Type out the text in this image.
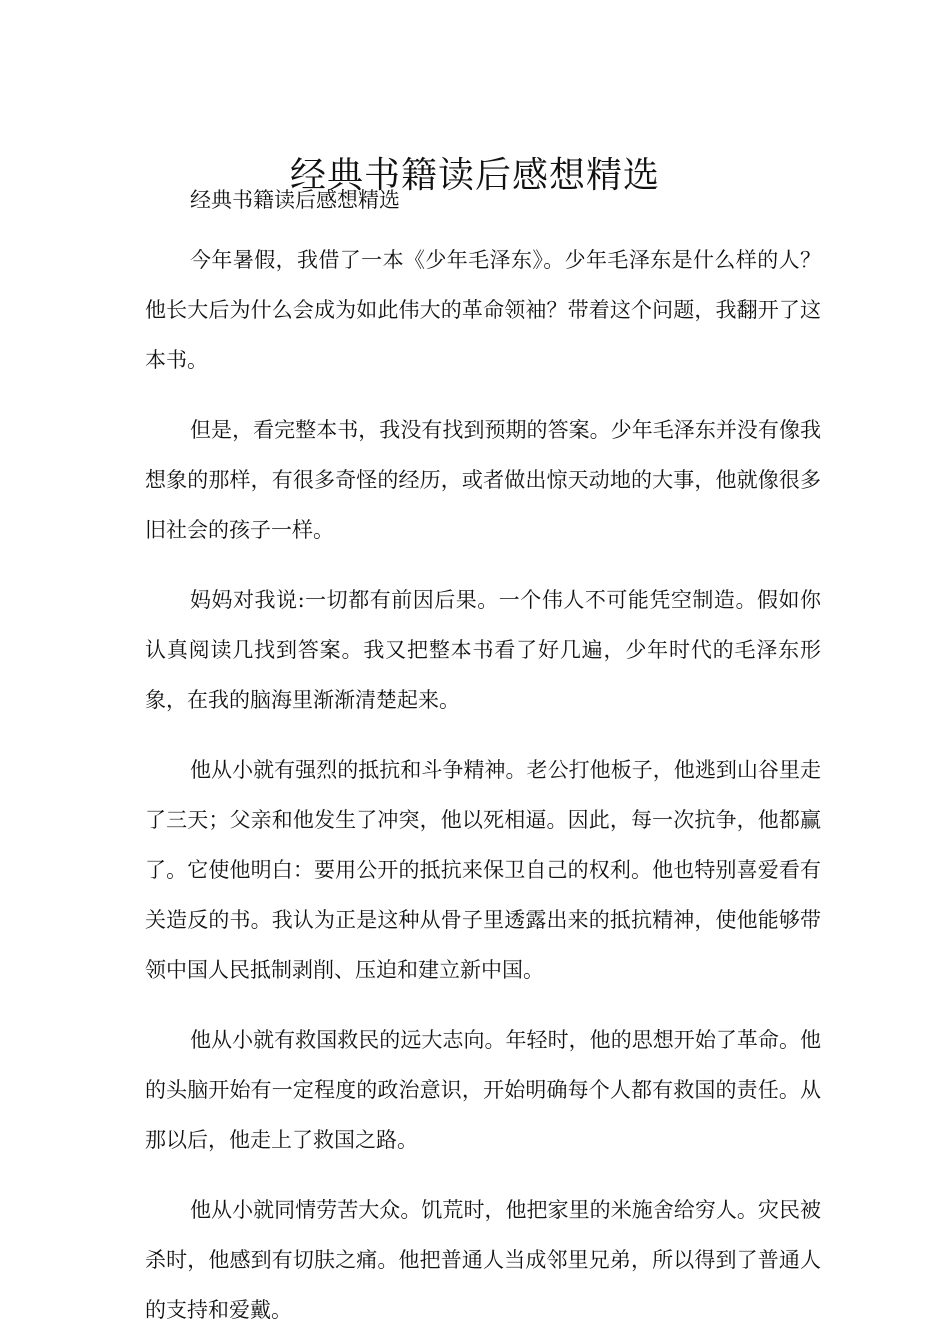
经典书籍读后感想精选

经典书籍读后感想精选

今年暑假，我借了一本《少年毛泽东》。少年毛泽东是什么样的人？他长大后为什么会成为如此伟大的革命领袖？带着这个问题，我翻开了这本书。

但是，看完整本书，我没有找到预期的答案。少年毛泽东并没有像我想象的那样，有很多奇怪的经历，或者做出惊天动地的大事，他就像很多旧社会的孩子一样。

妈妈对我说:一切都有前因后果。一个伟人不可能凭空制造。假如你认真阅读几找到答案。我又把整本书看了好几遍，少年时代的毛泽东形象，在我的脑海里渐渐清楚起来。

他从小就有强烈的抵抗和斗争精神。老公打他板子，他逃到山谷里走了三天；父亲和他发生了冲突，他以死相逼。因此，每一次抗争，他都赢了。它使他明白：要用公开的抵抗来保卫自己的权利。他也特别喜爱看有关造反的书。我认为正是这种从骨子里透露出来的抵抗精神，使他能够带领中国人民抵制剥削、压迫和建立新中国。

他从小就有救国救民的远大志向。年轻时，他的思想开始了革命。他的头脑开始有一定程度的政治意识，开始明确每个人都有救国的责任。从那以后，他走上了救国之路。

他从小就同情劳苦大众。饥荒时，他把家里的米施舍给穷人。灾民被杀时，他感到有切肤之痛。他把普通人当成邻里兄弟，所以得到了普通人的支持和爱戴。
